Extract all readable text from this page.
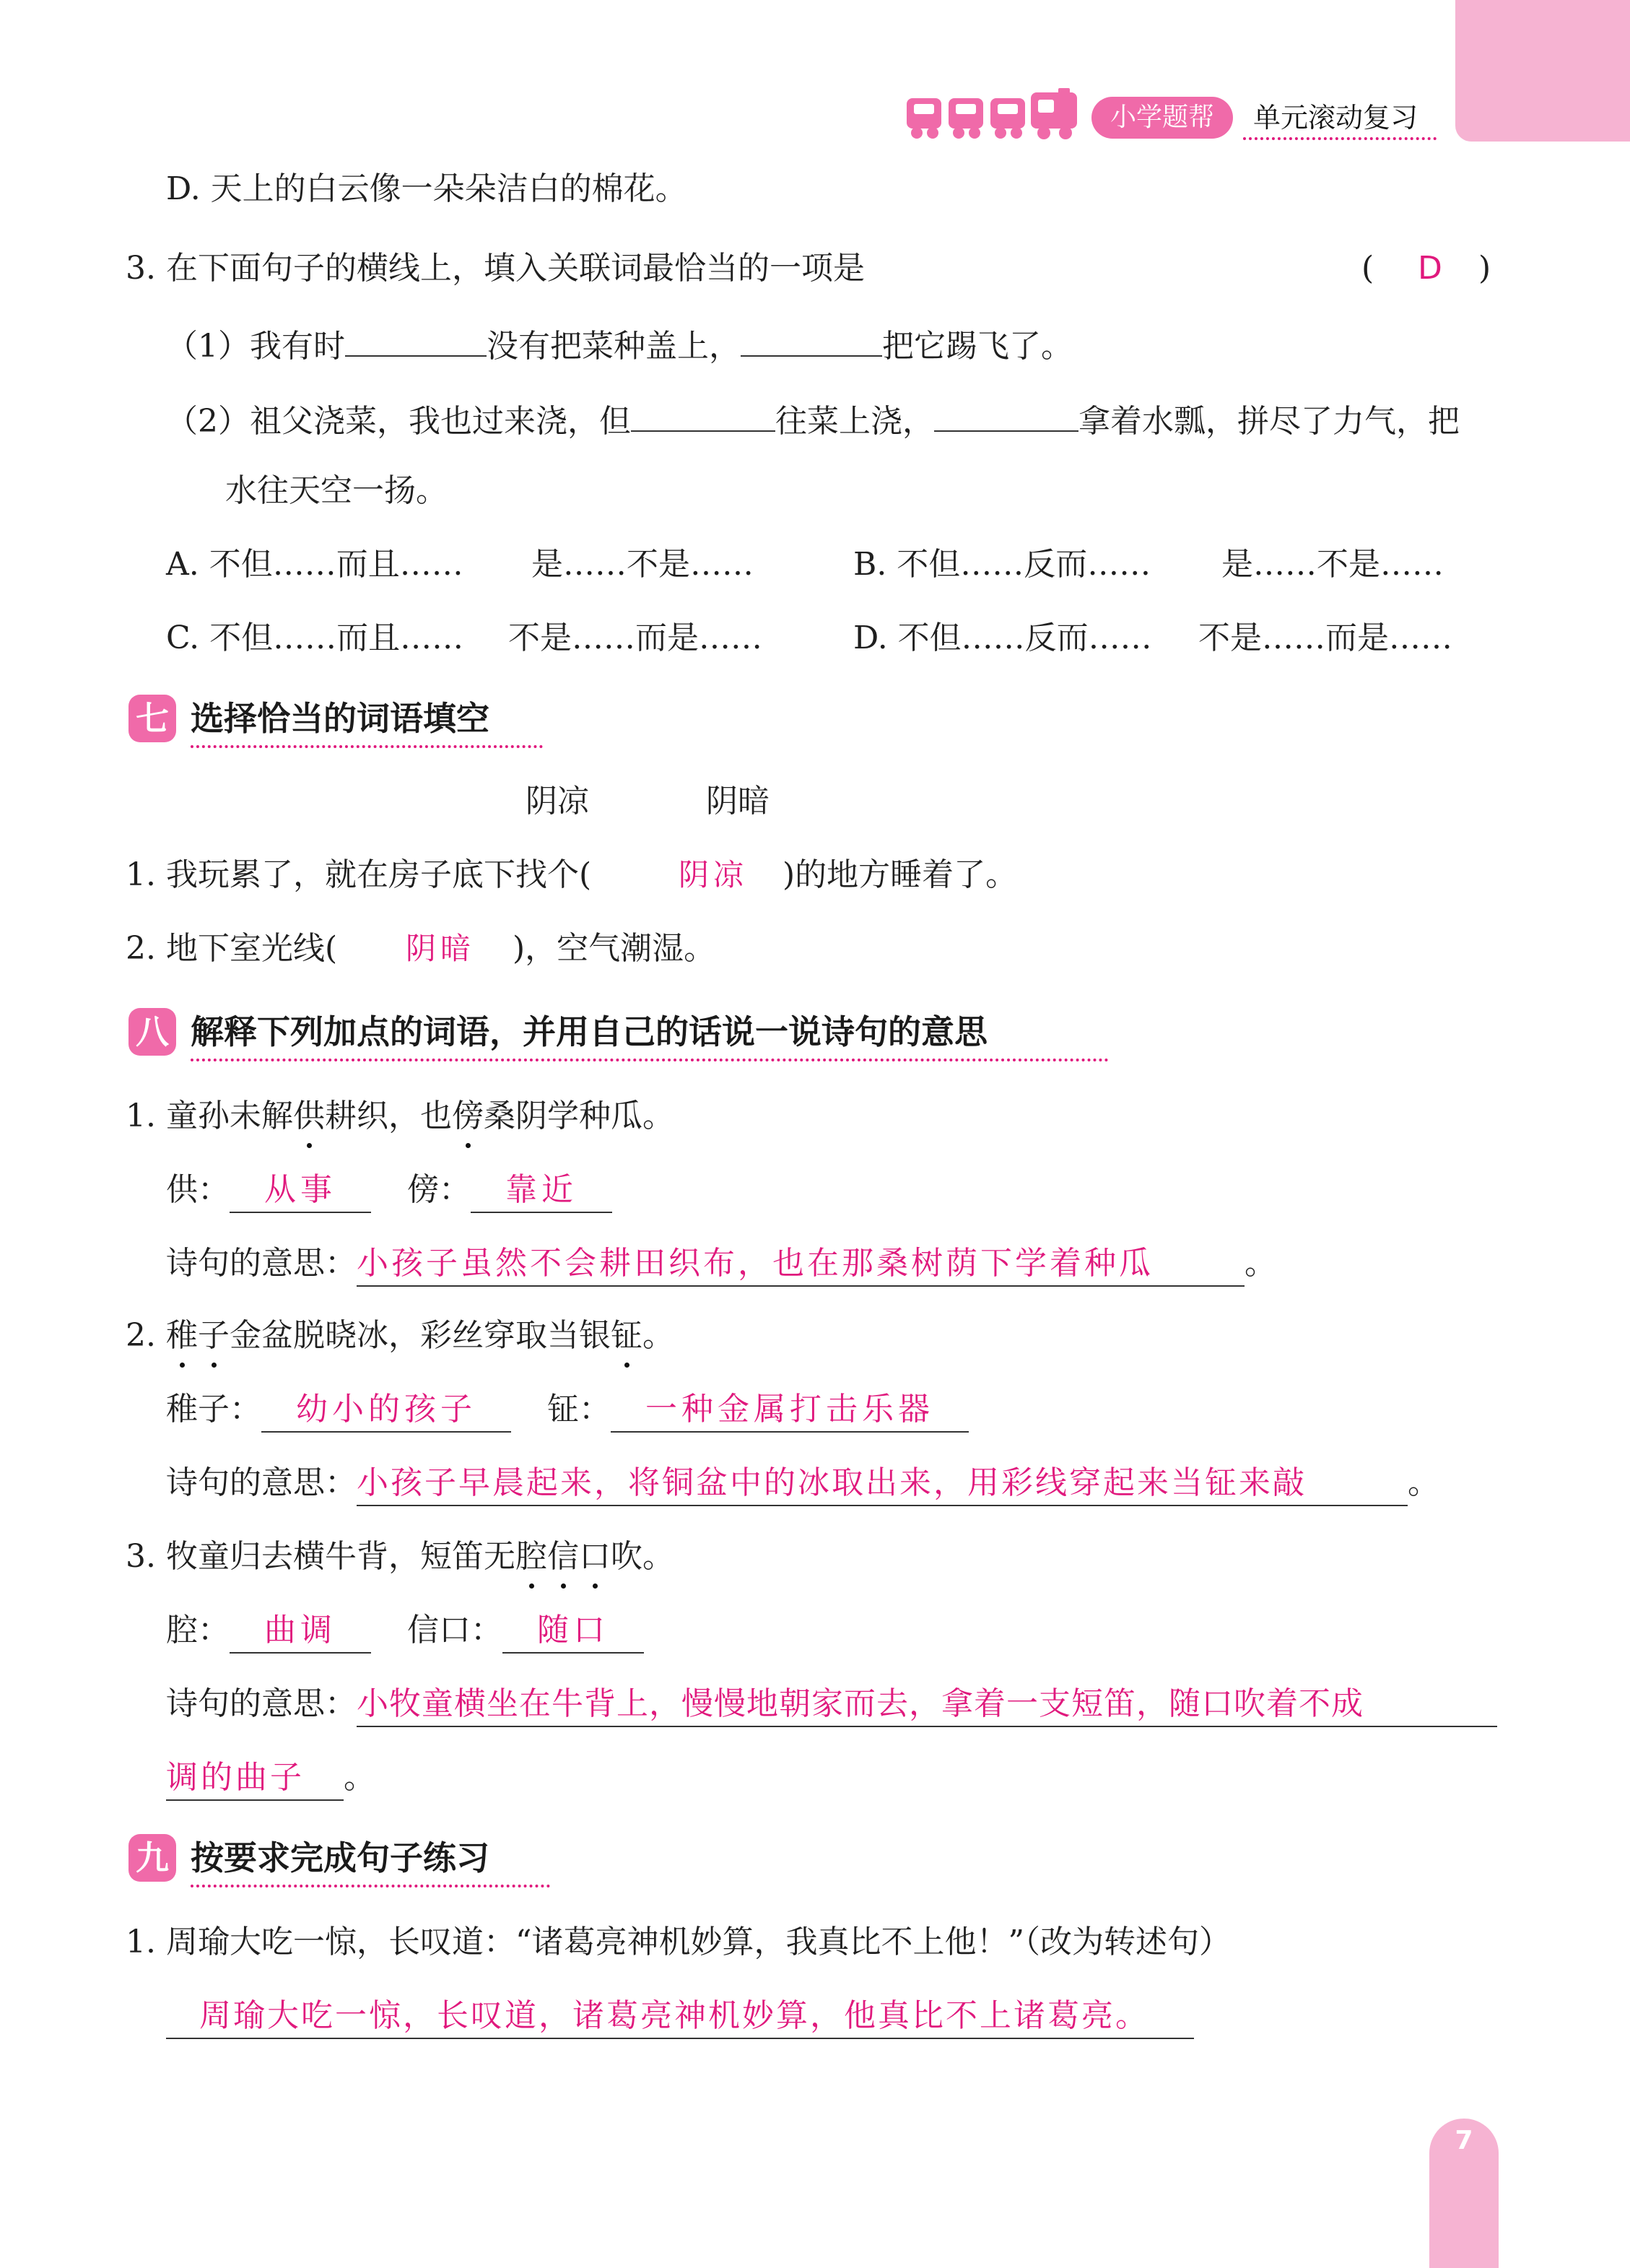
7
小学题帮	单元滚动复习
D. 天上的白云像一朵朵洁白的棉花。
3. 在下面句子的横线上，填入关联词最恰当的一项是	( D )
（1）我有时	没有把菜种盖上，	把它踢飞了。
（2）祖父浇菜，我也过来浇，但	往菜上浇，	拿着水瓢，拼尽了力气，把
水往天空一扬。
A. 不但……而且…… 是……不是……	B. 不但……反而…… 是……不是……
C. 不但……而且…… 不是……而是……	D. 不但……反而…… 不是……而是……
七 选择恰当的词语填空
阴凉	阴暗
1. 我玩累了，就在房子底下找个(	阴凉 )的地方睡着了。
2. 地下室光线( 阴暗 )，空气潮湿。
八 解释下列加点的词语，并用自己的话说一说诗句的意思
1. 童孙未解供耕织，也傍桑阴学种瓜。
供： 从事 傍： 靠近
诗句的意思：小孩子虽然不会耕田织布，也在那桑树荫下学着种瓜	。
2. 稚子金盆脱晓冰，彩丝穿取当银钲。
稚子： 幼小的孩子 钲： 一种金属打击乐器
诗句的意思：小孩子早晨起来，将铜盆中的冰取出来，用彩线穿起来当钲来敲	。
3. 牧童归去横牛背，短笛无腔信口吹。
腔： 曲调 信口： 随口
诗句的意思：小牧童横坐在牛背上，慢慢地朝家而去，拿着一支短笛，随口吹着不成
调的曲子 。
九 按要求完成句子练习
1. 周瑜大吃一惊，长叹道：“诸葛亮神机妙算，我真比不上他！”（改为转述句）
周瑜大吃一惊，长叹道，诸葛亮神机妙算，他真比不上诸葛亮。
